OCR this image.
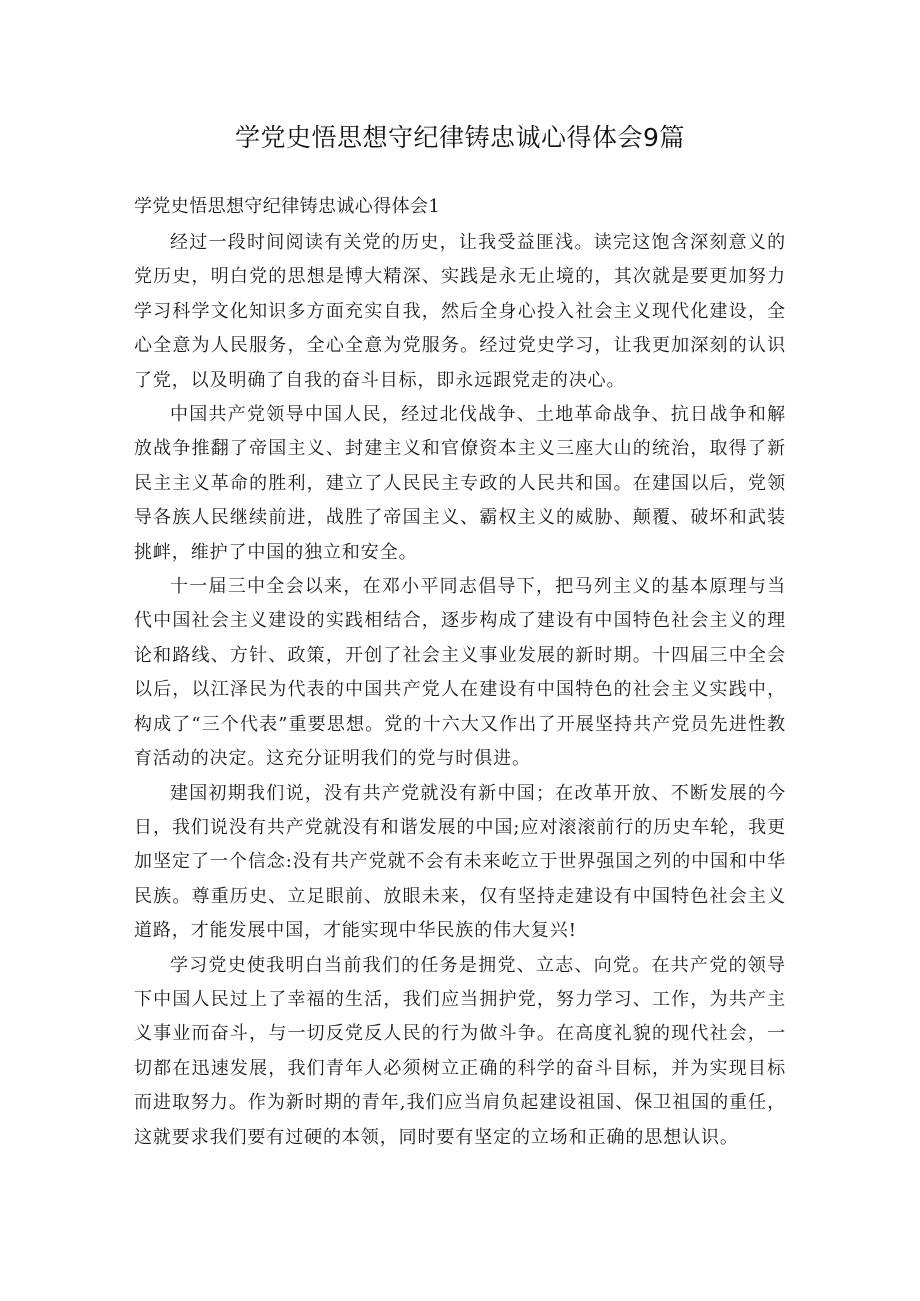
学党史悟思想守纪律铸忠诚心得体会9篇
学党史悟思想守纪律铸忠诚心得体会1

经过一段时间阅读有关党的历史，让我受益匪浅。读完这饱含深刻意义的党历史，明白党的思想是博大精深、实践是永无止境的，其次就是要更加努力学习科学文化知识多方面充实自我，然后全身心投入社会主义现代化建设，全心全意为人民服务，全心全意为党服务。经过党史学习，让我更加深刻的认识了党，以及明确了自我的奋斗目标，即永远跟党走的决心。

中国共产党领导中国人民，经过北伐战争、土地革命战争、抗日战争和解放战争推翻了帝国主义、封建主义和官僚资本主义三座大山的统治，取得了新民主主义革命的胜利，建立了人民民主专政的人民共和国。在建国以后，党领导各族人民继续前进，战胜了帝国主义、霸权主义的威胁、颠覆、破坏和武装挑衅，维护了中国的独立和安全。

十一届三中全会以来，在邓小平同志倡导下，把马列主义的基本原理与当代中国社会主义建设的实践相结合，逐步构成了建设有中国特色社会主义的理论和路线、方针、政策，开创了社会主义事业发展的新时期。十四届三中全会以后，以江泽民为代表的中国共产党人在建设有中国特色的社会主义实践中，构成了“三个代表”重要思想。党的十六大又作出了开展坚持共产党员先进性教育活动的决定。这充分证明我们的党与时俱进。

建国初期我们说，没有共产党就没有新中国；在改革开放、不断发展的今日，我们说没有共产党就没有和谐发展的中国;应对滚滚前行的历史车轮，我更加坚定了一个信念:没有共产党就不会有未来屹立于世界强国之列的中国和中华民族。尊重历史、立足眼前、放眼未来，仅有坚持走建设有中国特色社会主义道路，才能发展中国，才能实现中华民族的伟大复兴!

学习党史使我明白当前我们的任务是拥党、立志、向党。在共产党的领导下中国人民过上了幸福的生活，我们应当拥护党，努力学习、工作，为共产主义事业而奋斗，与一切反党反人民的行为做斗争。在高度礼貌的现代社会，一切都在迅速发展，我们青年人必须树立正确的科学的奋斗目标，并为实现目标而进取努力。作为新时期的青年,我们应当肩负起建设祖国、保卫祖国的重任，这就要求我们要有过硬的本领，同时要有坚定的立场和正确的思想认识。
